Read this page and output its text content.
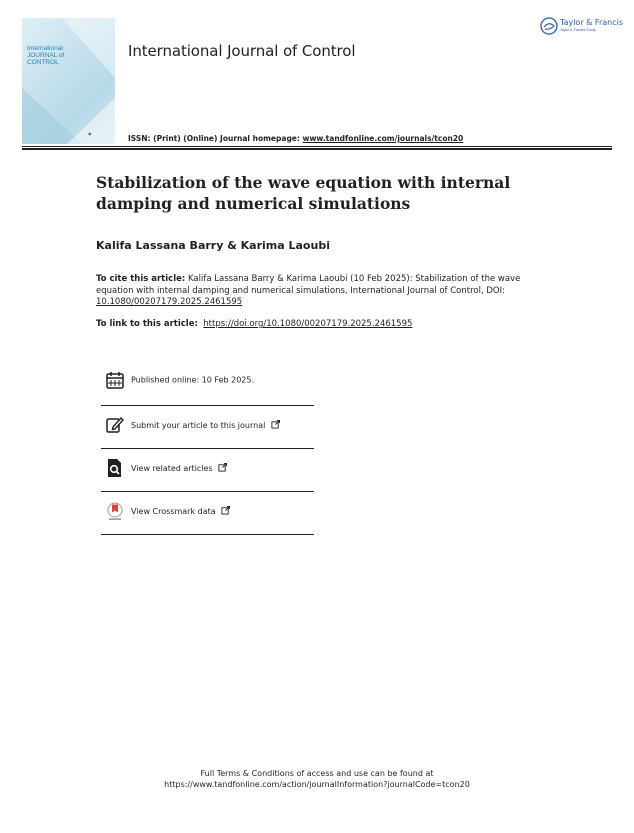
International
JOURNAL of
CONTROL
◉
International Journal of Control
Taylor & Francis
Taylor & Francis Group
ISSN: (Print) (Online) Journal homepage: www.tandfonline.com/journals/tcon20
Stabilization of the wave equation with internal damping and numerical simulations
Kalifa Lassana Barry & Karima Laoubi
To cite this article: Kalifa Lassana Barry & Karima Laoubi (10 Feb 2025): Stabilization of the wave equation with internal damping and numerical simulations, International Journal of Control, DOI: 10.1080/00207179.2025.2461595
To link to this article: https://doi.org/10.1080/00207179.2025.2461595
Published online: 10 Feb 2025.
Submit your article to this journal
View related articles
View Crossmark data
Full Terms & Conditions of access and use can be found at
https://www.tandfonline.com/action/journalInformation?journalCode=tcon20
